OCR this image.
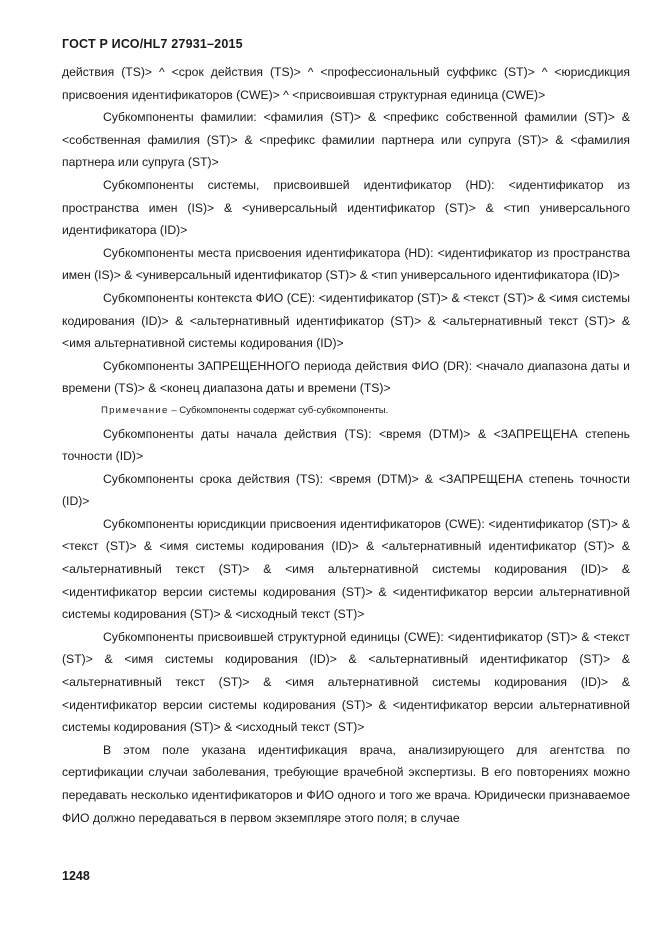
ГОСТ Р ИСО/HL7 27931–2015

действия (TS)> ^ <срок действия (TS)> ^ <профессиональный суффикс (ST)> ^ <юрисдикция присвоения идентификаторов (CWE)> ^ <присвоившая структурная единица (CWE)>

Субкомпоненты фамилии: <фамилия (ST)> & <префикс собственной фамилии (ST)> & <собственная фамилия (ST)> & <префикс фамилии партнера или супруга (ST)> & <фамилия партнера или супруга (ST)>

Субкомпоненты системы, присвоившей идентификатор (HD): <идентификатор из пространства имен (IS)> & <универсальный идентификатор (ST)> & <тип универсального идентификатора (ID)>

Субкомпоненты места присвоения идентификатора (HD): <идентификатор из пространства имен (IS)> & <универсальный идентификатор (ST)> & <тип универсального идентификатора (ID)>

Субкомпоненты контекста ФИО (CE): <идентификатор (ST)> & <текст (ST)> & <имя системы кодирования (ID)> & <альтернативный идентификатор (ST)> & <альтернативный текст (ST)> & <имя альтернативной системы кодирования (ID)>

Субкомпоненты ЗАПРЕЩЕННОГО периода действия ФИО (DR): <начало диапазона даты и времени (TS)> & <конец диапазона даты и времени (TS)>

Примечание – Субкомпоненты содержат суб-субкомпоненты.

Субкомпоненты даты начала действия (TS): <время (DTM)> & <ЗАПРЕЩЕНА степень точности (ID)>

Субкомпоненты срока действия (TS): <время (DTM)> & <ЗАПРЕЩЕНА степень точности (ID)>

Субкомпоненты юрисдикции присвоения идентификаторов (CWE): <идентификатор (ST)> & <текст (ST)> & <имя системы кодирования (ID)> & <альтернативный идентификатор (ST)> & <альтернативный текст (ST)> & <имя альтернативной системы кодирования (ID)> & <идентификатор версии системы кодирования (ST)> & <идентификатор версии альтернативной системы кодирования (ST)> & <исходный текст (ST)>

Субкомпоненты присвоившей структурной единицы (CWE): <идентификатор (ST)> & <текст (ST)> & <имя системы кодирования (ID)> & <альтернативный идентификатор (ST)> & <альтернативный текст (ST)> & <имя альтернативной системы кодирования (ID)> & <идентификатор версии системы кодирования (ST)> & <идентификатор версии альтернативной системы кодирования (ST)> & <исходный текст (ST)>

В этом поле указана идентификация врача, анализирующего для агентства по сертификации случаи заболевания, требующие врачебной экспертизы. В его повторениях можно передавать несколько идентификаторов и ФИО одного и того же врача. Юридически признаваемое ФИО должно передаваться в первом экземпляре этого поля; в случае

1248
